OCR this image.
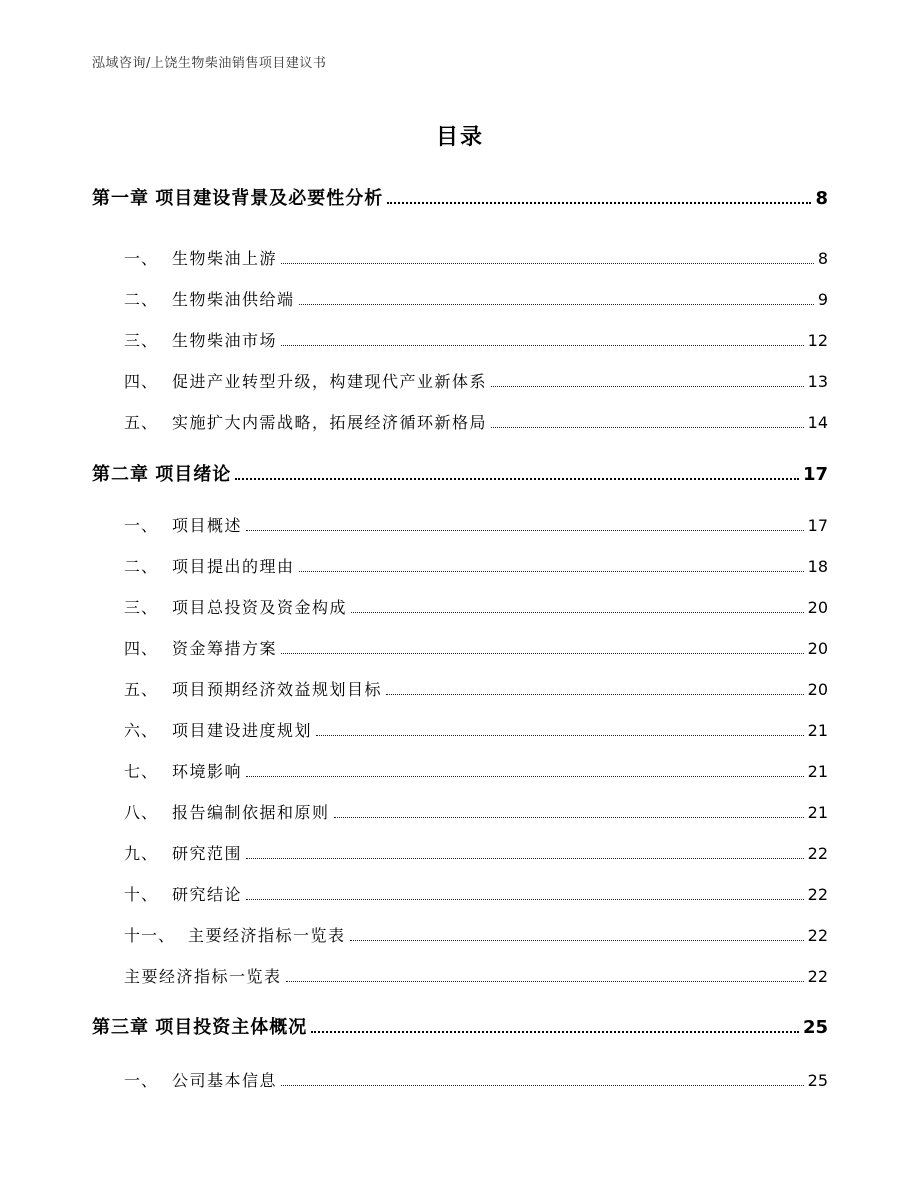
泓域咨询/上饶生物柴油销售项目建议书
目录
第一章 项目建设背景及必要性分析	8
一、 生物柴油上游	8
二、 生物柴油供给端	9
三、 生物柴油市场	12
四、 促进产业转型升级，构建现代产业新体系	13
五、 实施扩大内需战略，拓展经济循环新格局	14
第二章 项目绪论	17
一、 项目概述	17
二、 项目提出的理由	18
三、 项目总投资及资金构成	20
四、 资金筹措方案	20
五、 项目预期经济效益规划目标	20
六、 项目建设进度规划	21
七、 环境影响	21
八、 报告编制依据和原则	21
九、 研究范围	22
十、 研究结论	22
十一、 主要经济指标一览表	22
主要经济指标一览表	22
第三章 项目投资主体概况	25
一、 公司基本信息	25
